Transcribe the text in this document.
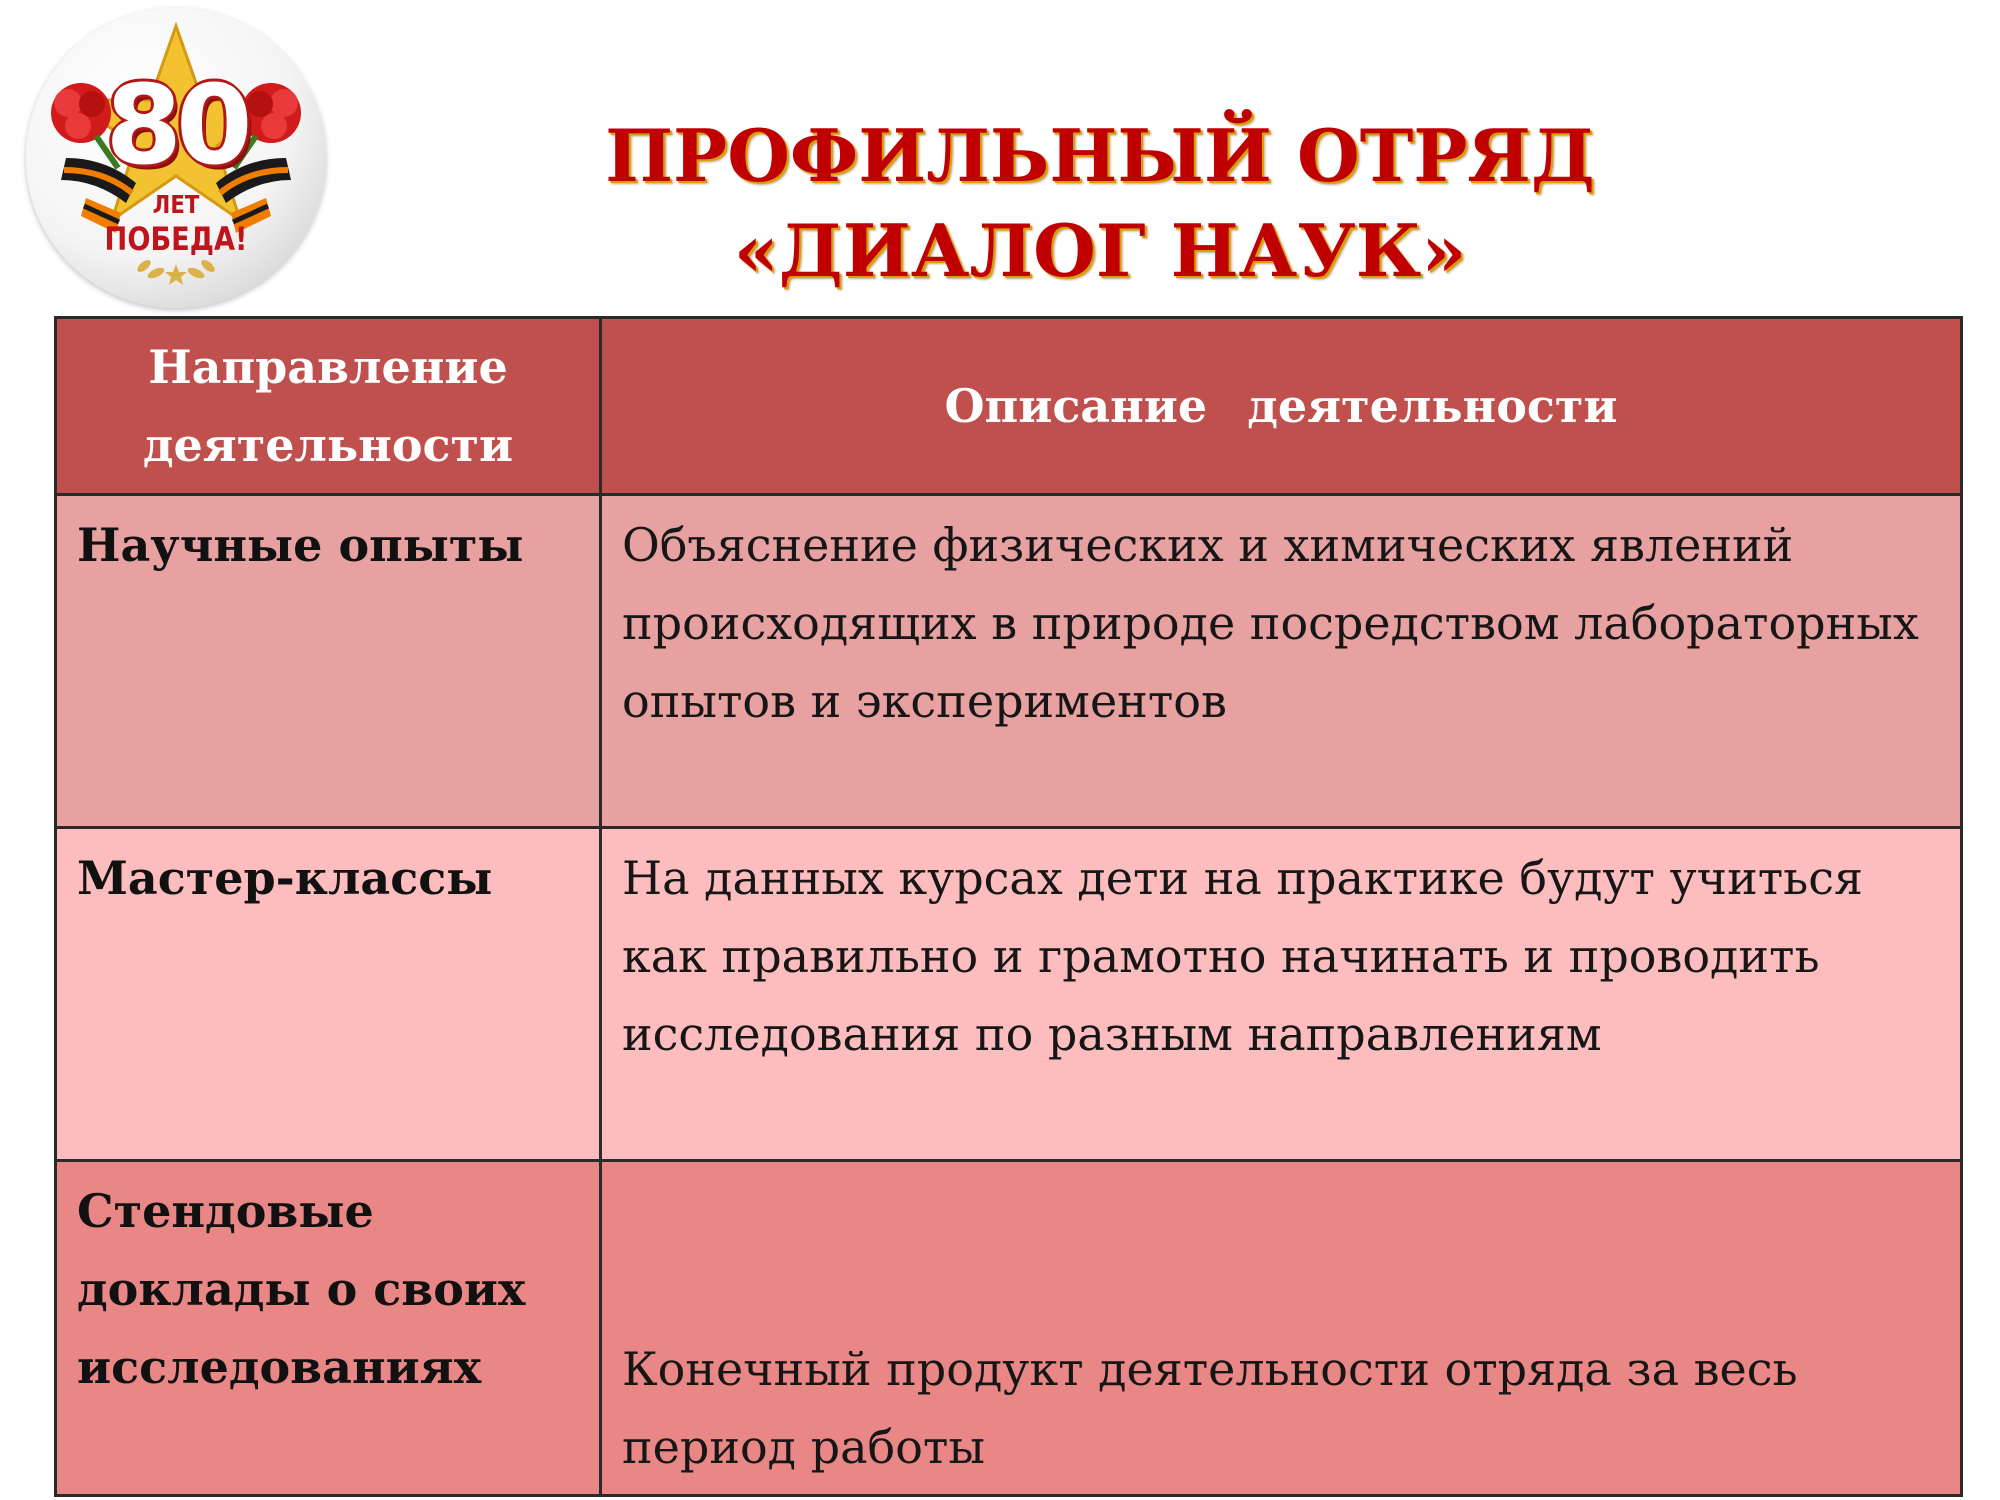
80
ЛЕТ
ПОБЕДА!
ПРОФИЛЬНЫЙ ОТРЯД
«ДИАЛОГ НАУК»
Направление деятельности	Описание деятельности
Научные опыты	Объяснение физических и химических явлений происходящих в природе посредством лабораторных опытов и экспериментов
Мастер-классы	На данных курсах дети на практике будут учиться как правильно и грамотно начинать и проводить исследования по разным направлениям
Стендовые доклады о своих исследованиях	Конечный продукт деятельности отряда за весь период работы
